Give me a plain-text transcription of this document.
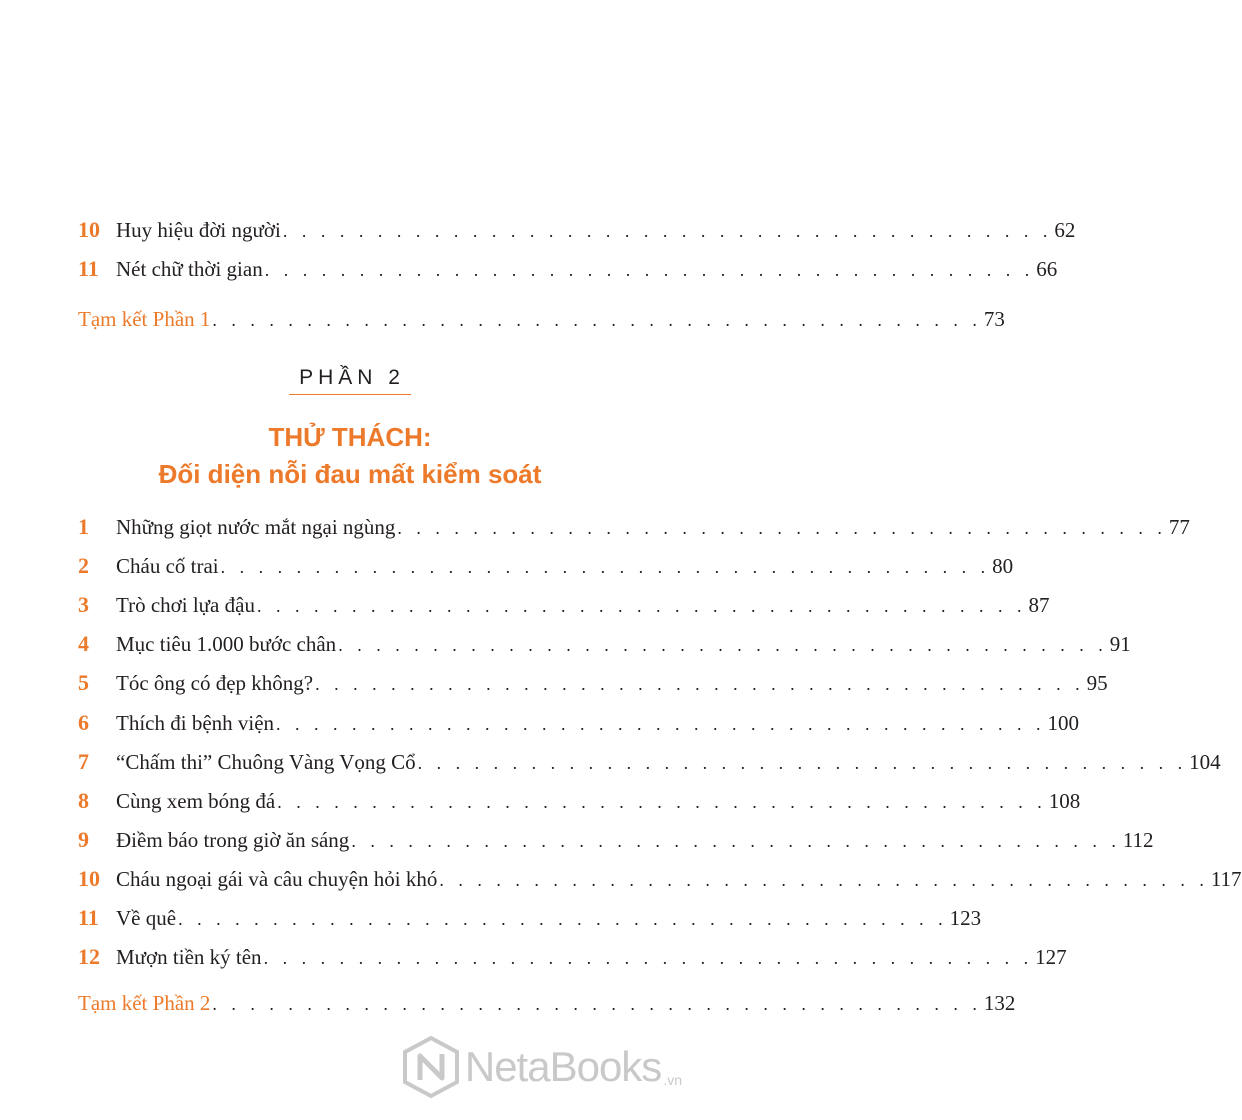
10 Huy hiệu đời người . . . . . . . . . . . . . . . . . . . . . . . . . . . . . . . . . . . . . . . . . 62
11 Nét chữ thời gian . . . . . . . . . . . . . . . . . . . . . . . . . . . . . . . . . . . . . . . . . 66
Tạm kết Phần 1 . . . . . . . . . . . . . . . . . . . . . . . . . . . . . . . . . . . . . . . . . 73
PHẦN 2
THỬ THÁCH:
Đối diện nỗi đau mất kiểm soát
1	Những giọt nước mắt ngại ngùng . . . . . . . . . . . . . . . . . . . . . . . . . . . . . . . . . . . . . . . . . 77
2	Cháu cố trai . . . . . . . . . . . . . . . . . . . . . . . . . . . . . . . . . . . . . . . . . 80
3	Trò chơi lựa đậu . . . . . . . . . . . . . . . . . . . . . . . . . . . . . . . . . . . . . . . . . 87
4	Mục tiêu 1.000 bước chân . . . . . . . . . . . . . . . . . . . . . . . . . . . . . . . . . . . . . . . . . 91
5	Tóc ông có đẹp không? . . . . . . . . . . . . . . . . . . . . . . . . . . . . . . . . . . . . . . . . . 95
6	Thích đi bệnh viện . . . . . . . . . . . . . . . . . . . . . . . . . . . . . . . . . . . . . . . . . 100
7	“Chấm thi” Chuông Vàng Vọng Cổ . . . . . . . . . . . . . . . . . . . . . . . . . . . . . . . . . . . . . . . . . 104
8	Cùng xem bóng đá . . . . . . . . . . . . . . . . . . . . . . . . . . . . . . . . . . . . . . . . . 108
9	Điềm báo trong giờ ăn sáng . . . . . . . . . . . . . . . . . . . . . . . . . . . . . . . . . . . . . . . . . 112
10 Cháu ngoại gái và câu chuyện hỏi khó . . . . . . . . . . . . . . . . . . . . . . . . . . . . . . . . . . . . . . . . . 117
11 Về quê . . . . . . . . . . . . . . . . . . . . . . . . . . . . . . . . . . . . . . . . . 123
12 Mượn tiền ký tên . . . . . . . . . . . . . . . . . . . . . . . . . . . . . . . . . . . . . . . . . 127
Tạm kết Phần 2 . . . . . . . . . . . . . . . . . . . . . . . . . . . . . . . . . . . . . . . . . 132
NetaBooks .vn
